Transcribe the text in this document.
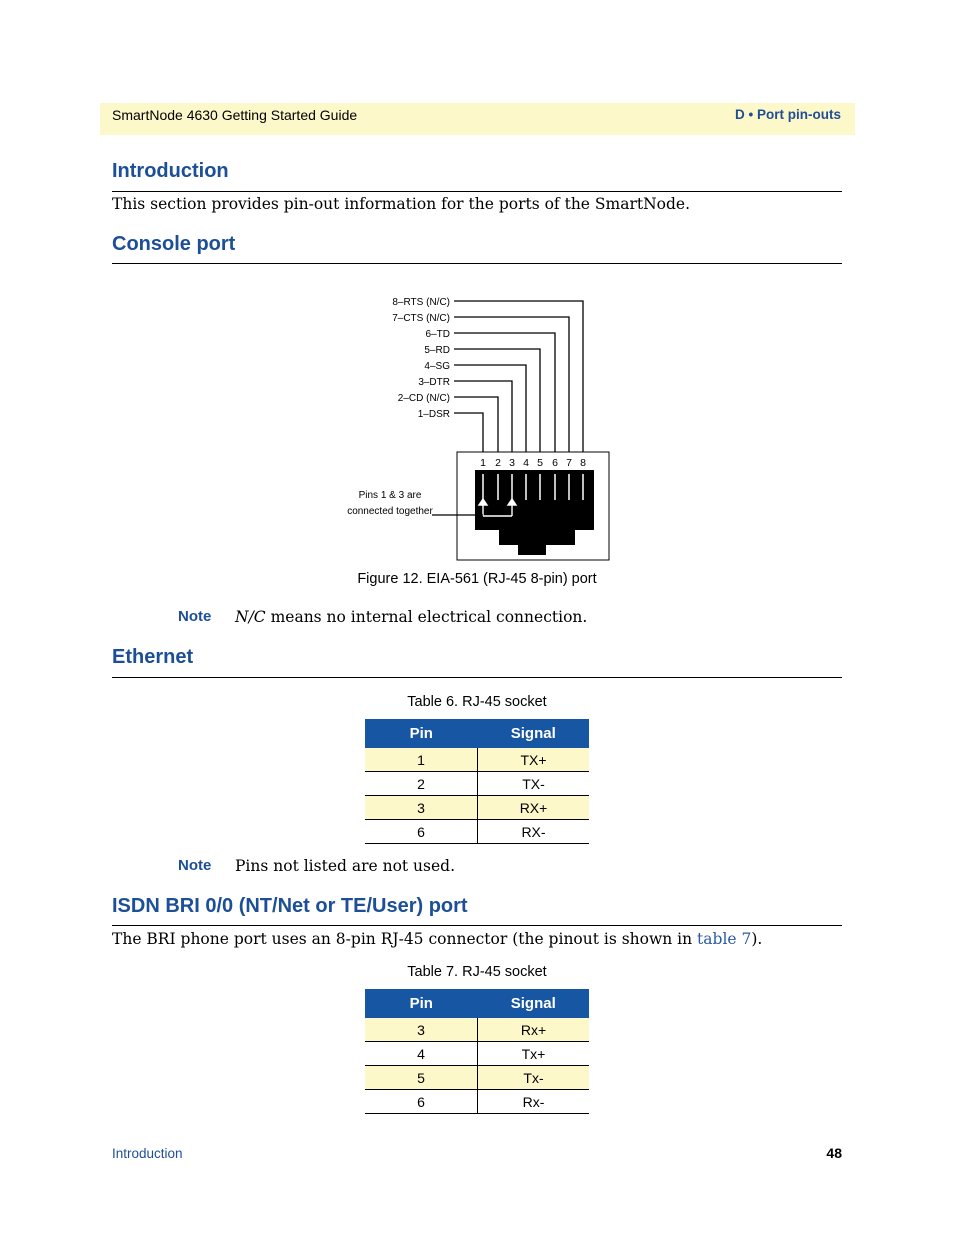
SmartNode 4630 Getting Started Guide	D • Port pin-outs
Introduction
This section provides pin-out information for the ports of the SmartNode.
Console port
8–RTS (N/C)
7–CTS (N/C)
6–TD
5–RD
4–SG
3–DTR
2–CD (N/C)
1–DSR
1 2 3 4 5 6 7 8
Pins 1 & 3 are
connected together
Figure 12. EIA-561 (RJ-45 8-pin) port
Note N/C means no internal electrical connection.
Ethernet
Table 6. RJ-45 socket
Pin	Signal
1	TX+
2	TX-
3	RX+
6	RX-
Note Pins not listed are not used.
ISDN BRI 0/0 (NT/Net or TE/User) port
The BRI phone port uses an 8-pin RJ-45 connector (the pinout is shown in table 7).
Table 7. RJ-45 socket
Pin	Signal
3	Rx+
4	Tx+
5	Tx-
6	Rx-
Introduction	48
